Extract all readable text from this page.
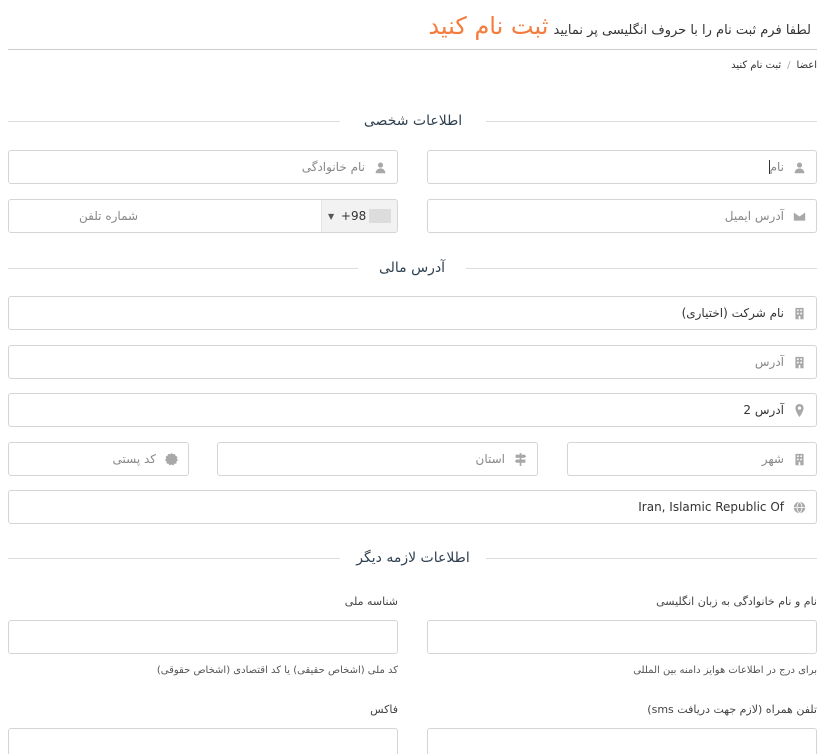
لطفا فرم ثبت نام را با حروف انگلیسی پر نمایید ثبت نام کنید
اعضا/ثبت نام کنید
اطلاعات شخصی
نام
نام خانوادگی
آدرس ایمیل
شماره تلفن	▼ +98
آدرس مالی
نام شرکت (اختیاری)
آدرس
آدرس 2
شهر
استان
کد پستی
Iran, Islamic Republic Of
اطلاعات لازمه دیگر
نام و نام خانوادگی به زبان انگلیسی
شناسه ملی
برای درج در اطلاعات هوایز دامنه بین المللی
کد ملی (اشخاص حقیقی) یا کد اقتصادی (اشخاص حقوقی)
تلفن همراه (لازم جهت دریافت sms)
فاکس
